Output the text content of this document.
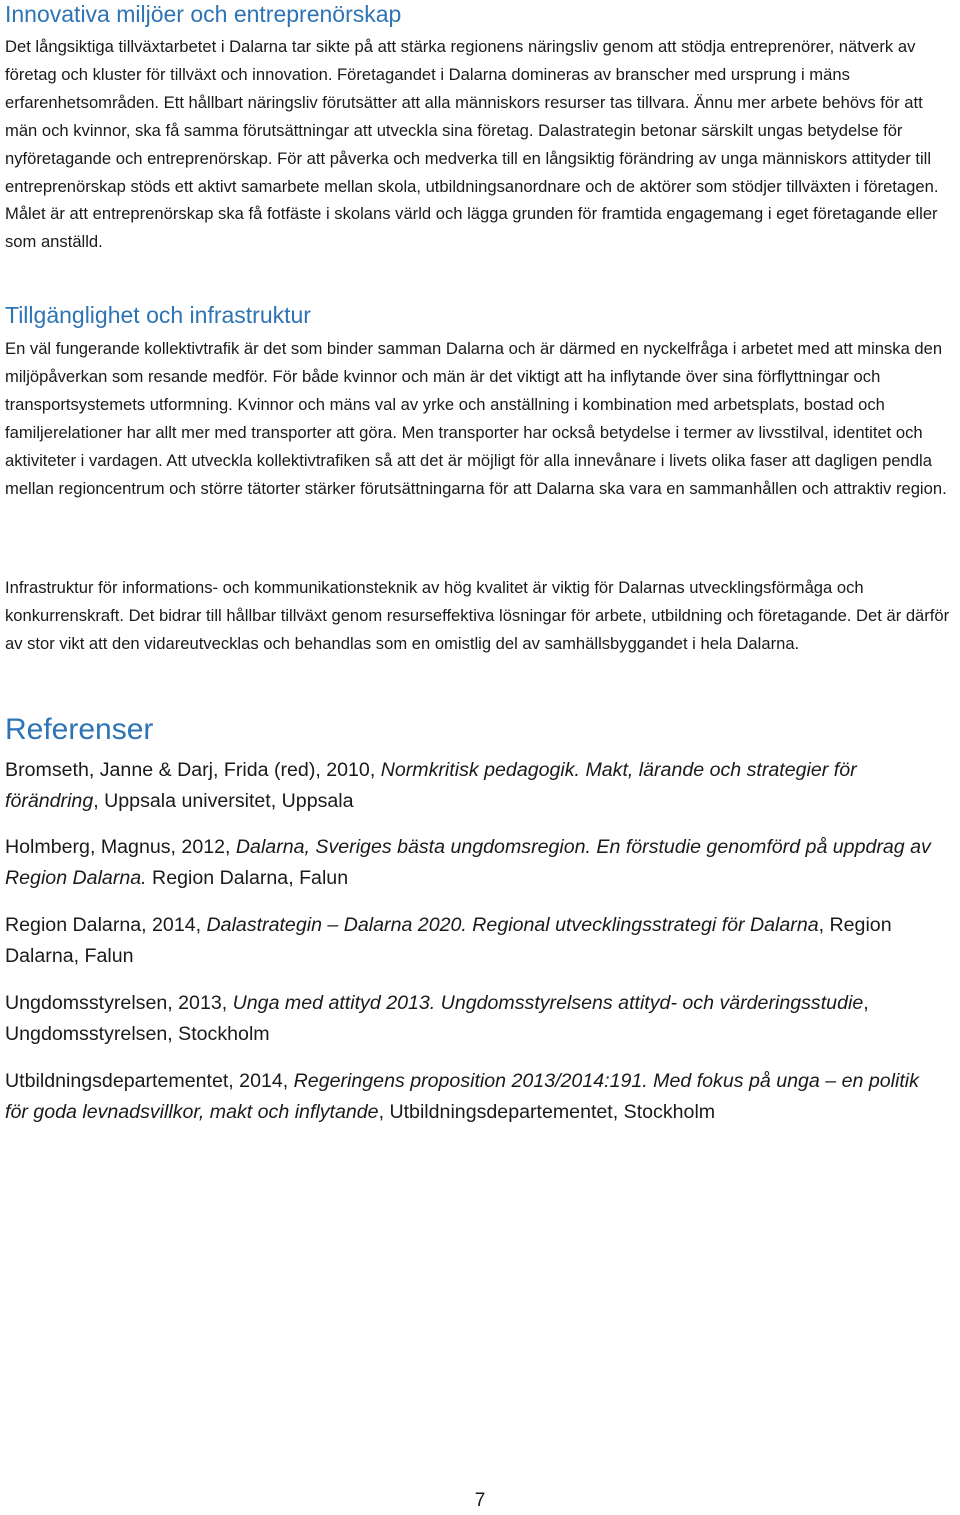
Innovativa miljöer och entreprenörskap

Det långsiktiga tillväxtarbetet i Dalarna tar sikte på att stärka regionens näringsliv genom att stödja entreprenörer, nätverk av företag och kluster för tillväxt och innovation. Företagandet i Dalarna domineras av branscher med ursprung i mäns erfarenhetsområden. Ett hållbart näringsliv förutsätter att alla människors resurser tas tillvara. Ännu mer arbete behövs för att män och kvinnor, ska få samma förutsättningar att utveckla sina företag. Dalastrategin betonar särskilt ungas betydelse för nyföretagande och entreprenörskap. För att påverka och medverka till en långsiktig förändring av unga människors attityder till entreprenörskap stöds ett aktivt samarbete mellan skola, utbildningsanordnare och de aktörer som stödjer tillväxten i företagen. Målet är att entreprenörskap ska få fotfäste i skolans värld och lägga grunden för framtida engagemang i eget företagande eller som anställd.

Tillgänglighet och infrastruktur

En väl fungerande kollektivtrafik är det som binder samman Dalarna och är därmed en nyckelfråga i arbetet med att minska den miljöpåverkan som resande medför. För både kvinnor och män är det viktigt att ha inflytande över sina förflyttningar och transportsystemets utformning. Kvinnor och mäns val av yrke och anställning i kombination med arbetsplats, bostad och familjerelationer har allt mer med transporter att göra. Men transporter har också betydelse i termer av livsstilval, identitet och aktiviteter i vardagen. Att utveckla kollektivtrafiken så att det är möjligt för alla innevånare i livets olika faser att dagligen pendla mellan regioncentrum och större tätorter stärker förutsättningarna för att Dalarna ska vara en sammanhållen och attraktiv region.

Infrastruktur för informations- och kommunikationsteknik av hög kvalitet är viktig för Dalarnas utvecklingsförmåga och konkurrenskraft. Det bidrar till hållbar tillväxt genom resurseffektiva lösningar för arbete, utbildning och företagande. Det är därför av stor vikt att den vidareutvecklas och behandlas som en omistlig del av samhällsbyggandet i hela Dalarna.

Referenser

Bromseth, Janne & Darj, Frida (red), 2010, Normkritisk pedagogik. Makt, lärande och strategier för förändring, Uppsala universitet, Uppsala

Holmberg, Magnus, 2012, Dalarna, Sveriges bästa ungdomsregion. En förstudie genomförd på uppdrag av Region Dalarna. Region Dalarna, Falun

Region Dalarna, 2014, Dalastrategin – Dalarna 2020. Regional utvecklingsstrategi för Dalarna, Region Dalarna, Falun

Ungdomsstyrelsen, 2013, Unga med attityd 2013. Ungdomsstyrelsens attityd- och värderingsstudie, Ungdomsstyrelsen, Stockholm

Utbildningsdepartementet, 2014, Regeringens proposition 2013/2014:191. Med fokus på unga – en politik för goda levnadsvillkor, makt och inflytande, Utbildningsdepartementet, Stockholm

7
